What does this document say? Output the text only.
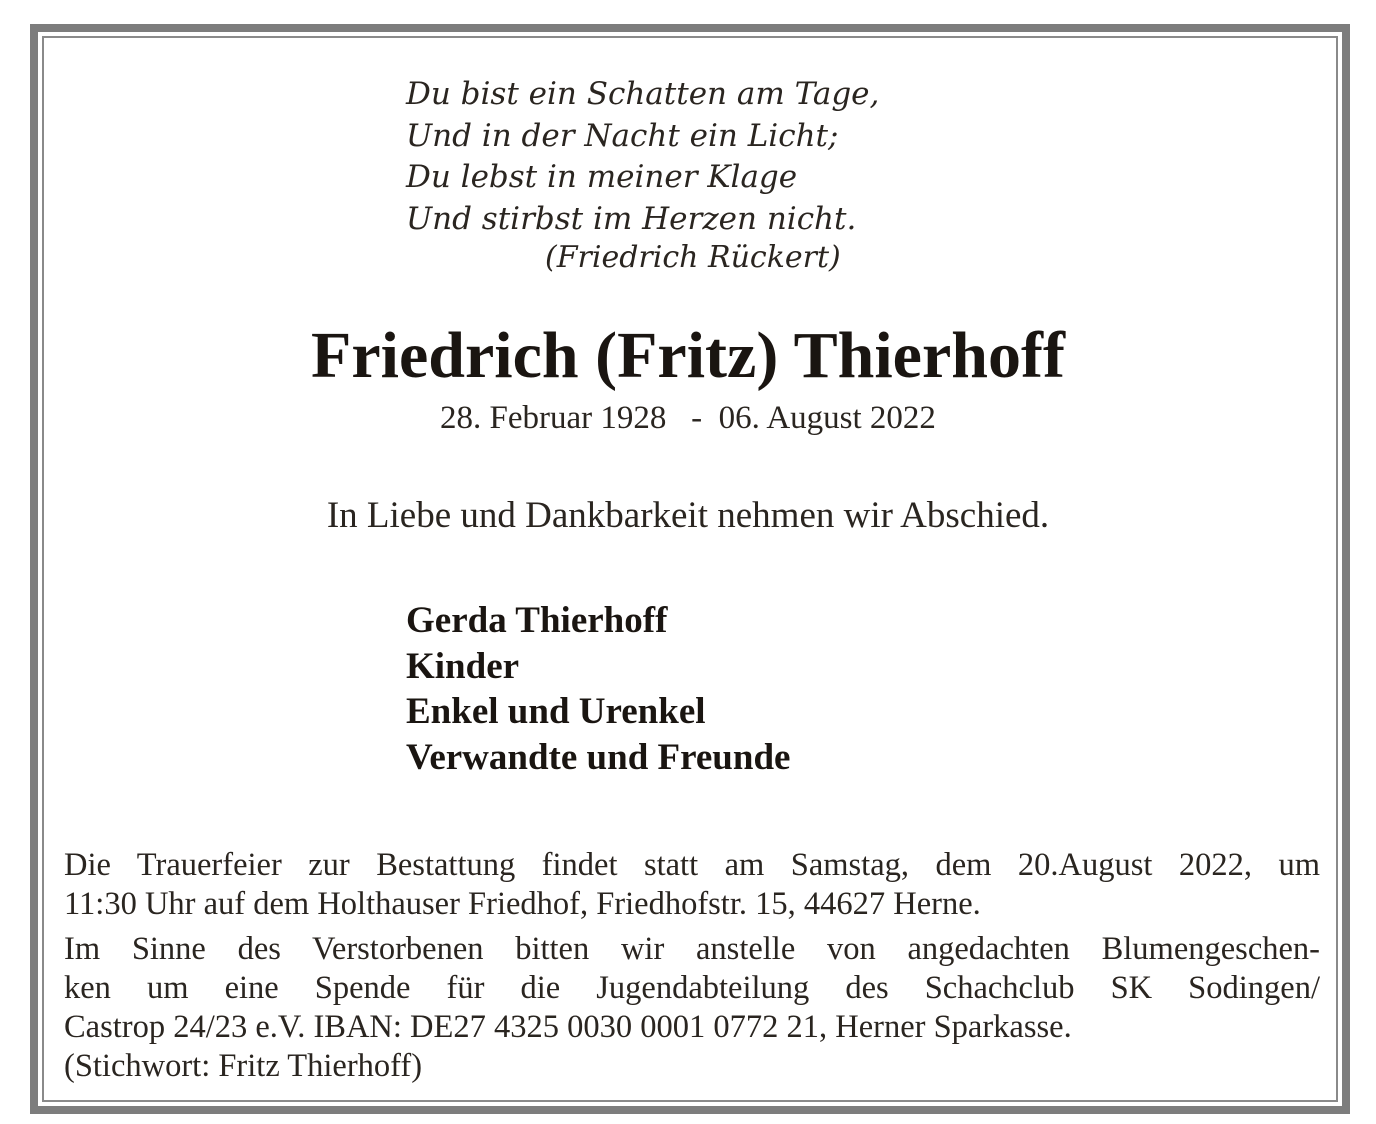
Du bist ein Schatten am Tage,
Und in der Nacht ein Licht;
Du lebst in meiner Klage
Und stirbst im Herzen nicht.
(Friedrich Rückert)
Friedrich (Fritz) Thierhoff
28. Februar 1928   -  06. August 2022
In Liebe und Dankbarkeit nehmen wir Abschied.
Gerda Thierhoff
Kinder
Enkel und Urenkel
Verwandte und Freunde
Die Trauerfeier zur Bestattung findet statt am Samstag, dem 20.August 2022, um
11:30 Uhr auf dem Holthauser Friedhof, Friedhofstr. 15, 44627 Herne.
Im Sinne des Verstorbenen bitten wir anstelle von angedachten Blumengeschen-
ken um eine Spende für die Jugendabteilung des Schachclub SK Sodingen/
Castrop 24/23 e.V. IBAN: DE27 4325 0030 0001 0772 21, Herner Sparkasse.
(Stichwort: Fritz Thierhoff)
